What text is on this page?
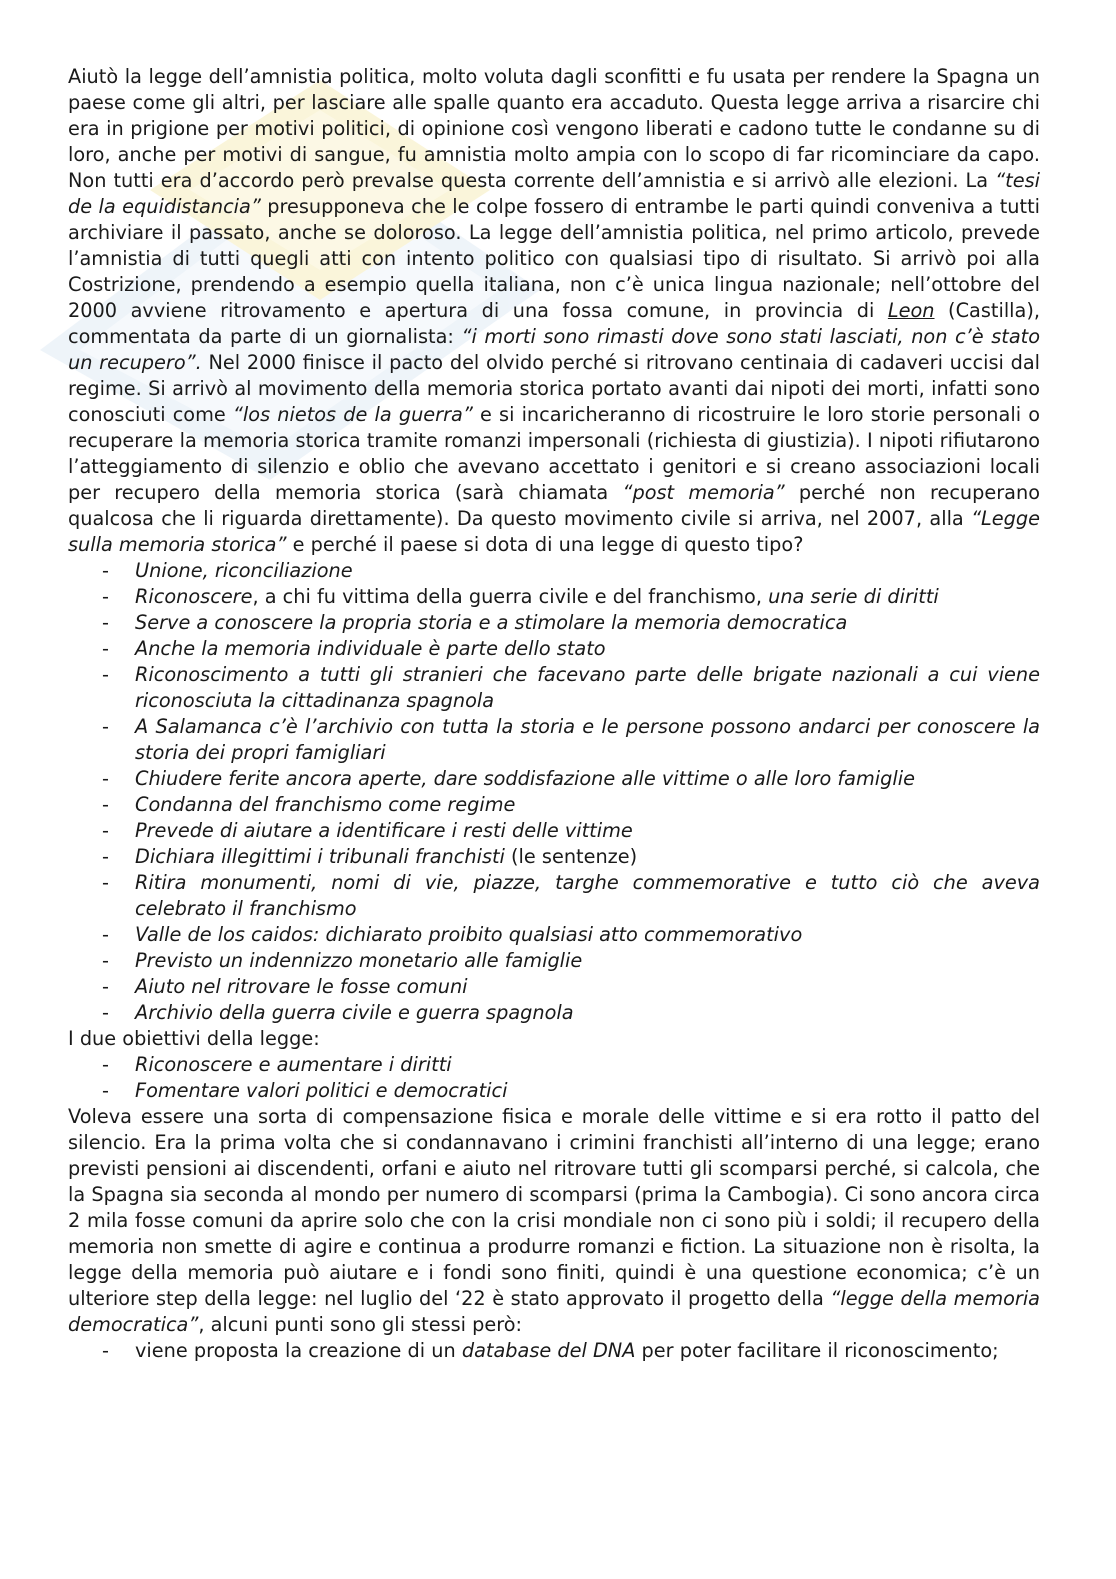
Aiutò la legge dell’amnistia politica, molto voluta dagli sconfitti e fu usata per rendere la Spagna un paese come gli altri, per lasciare alle spalle quanto era accaduto. Questa legge arriva a risarcire chi era in prigione per motivi politici, di opinione così vengono liberati e cadono tutte le condanne su di loro, anche per motivi di sangue, fu amnistia molto ampia con lo scopo di far ricominciare da capo. Non tutti era d’accordo però prevalse questa corrente dell’amnistia e si arrivò alle elezioni. La “tesi de la equidistancia” presupponeva che le colpe fossero di entrambe le parti quindi conveniva a tutti archiviare il passato, anche se doloroso. La legge dell’amnistia politica, nel primo articolo, prevede l’amnistia di tutti quegli atti con intento politico con qualsiasi tipo di risultato. Si arrivò poi alla Costrizione, prendendo a esempio quella italiana, non c’è unica lingua nazionale; nell’ottobre del 2000 avviene ritrovamento e apertura di una fossa comune, in provincia di Leon (Castilla), commentata da parte di un giornalista: “i morti sono rimasti dove sono stati lasciati, non c’è stato un recupero”. Nel 2000 finisce il pacto del olvido perché si ritrovano centinaia di cadaveri uccisi dal regime. Si arrivò al movimento della memoria storica portato avanti dai nipoti dei morti, infatti sono conosciuti come “los nietos de la guerra” e si incaricheranno di ricostruire le loro storie personali o recuperare la memoria storica tramite romanzi impersonali (richiesta di giustizia). I nipoti rifiutarono l’atteggiamento di silenzio e oblio che avevano accettato i genitori e si creano associazioni locali per recupero della memoria storica (sarà chiamata “post memoria” perché non recuperano qualcosa che li riguarda direttamente). Da questo movimento civile si arriva, nel 2007, alla “Legge sulla memoria storica” e perché il paese si dota di una legge di questo tipo?

- Unione, riconciliazione
- Riconoscere, a chi fu vittima della guerra civile e del franchismo, una serie di diritti
- Serve a conoscere la propria storia e a stimolare la memoria democratica
- Anche la memoria individuale è parte dello stato
- Riconoscimento a tutti gli stranieri che facevano parte delle brigate nazionali a cui viene riconosciuta la cittadinanza spagnola
- A Salamanca c’è l’archivio con tutta la storia e le persone possono andarci per conoscere la storia dei propri famigliari
- Chiudere ferite ancora aperte, dare soddisfazione alle vittime o alle loro famiglie
- Condanna del franchismo come regime
- Prevede di aiutare a identificare i resti delle vittime
- Dichiara illegittimi i tribunali franchisti (le sentenze)
- Ritira monumenti, nomi di vie, piazze, targhe commemorative e tutto ciò che aveva celebrato il franchismo
- Valle de los caidos: dichiarato proibito qualsiasi atto commemorativo
- Previsto un indennizzo monetario alle famiglie
- Aiuto nel ritrovare le fosse comuni
- Archivio della guerra civile e guerra spagnola

I due obiettivi della legge:

- Riconoscere e aumentare i diritti
- Fomentare valori politici e democratici

Voleva essere una sorta di compensazione fisica e morale delle vittime e si era rotto il patto del silencio. Era la prima volta che si condannavano i crimini franchisti all’interno di una legge; erano previsti pensioni ai discendenti, orfani e aiuto nel ritrovare tutti gli scomparsi perché, si calcola, che la Spagna sia seconda al mondo per numero di scomparsi (prima la Cambogia). Ci sono ancora circa 2 mila fosse comuni da aprire solo che con la crisi mondiale non ci sono più i soldi; il recupero della memoria non smette di agire e continua a produrre romanzi e fiction. La situazione non è risolta, la legge della memoria può aiutare e i fondi sono finiti, quindi è una questione economica; c’è un ulteriore step della legge: nel luglio del ‘22 è stato approvato il progetto della “legge della memoria democratica”, alcuni punti sono gli stessi però:

- viene proposta la creazione di un database del DNA per poter facilitare il riconoscimento;
